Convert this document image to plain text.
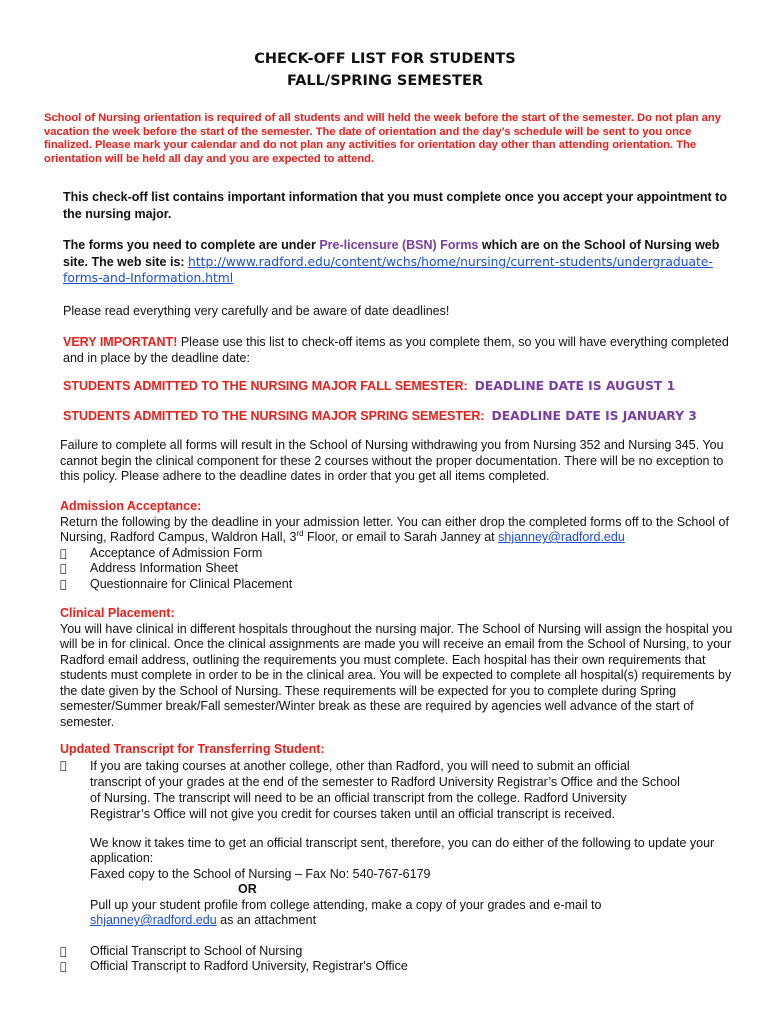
CHECK-OFF LIST FOR STUDENTS
FALL/SPRING SEMESTER
School of Nursing orientation is required of all students and will held the week before the start of the semester. Do not plan any vacation the week before the start of the semester. The date of orientation and the day’s schedule will be sent to you once finalized. Please mark your calendar and do not plan any activities for orientation day other than attending orientation. The orientation will be held all day and you are expected to attend.
This check-off list contains important information that you must complete once you accept your appointment to the nursing major.
The forms you need to complete are under Pre-licensure (BSN) Forms which are on the School of Nursing web site. The web site is: http://www.radford.edu/content/wchs/home/nursing/current-students/undergraduate-forms-and-Information.html
Please read everything very carefully and be aware of date deadlines!
VERY IMPORTANT! Please use this list to check-off items as you complete them, so you will have everything completed and in place by the deadline date:
STUDENTS ADMITTED TO THE NURSING MAJOR FALL SEMESTER: DEADLINE DATE IS AUGUST 1
STUDENTS ADMITTED TO THE NURSING MAJOR SPRING SEMESTER: DEADLINE DATE IS JANUARY 3
Failure to complete all forms will result in the School of Nursing withdrawing you from Nursing 352 and Nursing 345. You cannot begin the clinical component for these 2 courses without the proper documentation. There will be no exception to this policy. Please adhere to the deadline dates in order that you get all items completed.
Admission Acceptance:
Return the following by the deadline in your admission letter. You can either drop the completed forms off to the School of Nursing, Radford Campus, Waldron Hall, 3rd Floor, or email to Sarah Janney at shjanney@radford.edu
Acceptance of Admission Form
Address Information Sheet
Questionnaire for Clinical Placement
Clinical Placement:
You will have clinical in different hospitals throughout the nursing major. The School of Nursing will assign the hospital you will be in for clinical. Once the clinical assignments are made you will receive an email from the School of Nursing, to your Radford email address, outlining the requirements you must complete. Each hospital has their own requirements that students must complete in order to be in the clinical area. You will be expected to complete all hospital(s) requirements by the date given by the School of Nursing. These requirements will be expected for you to complete during Spring semester/Summer break/Fall semester/Winter break as these are required by agencies well advance of the start of semester.
Updated Transcript for Transferring Student:
If you are taking courses at another college, other than Radford, you will need to submit an official transcript of your grades at the end of the semester to Radford University Registrar’s Office and the School of Nursing. The transcript will need to be an official transcript from the college. Radford University Registrar’s Office will not give you credit for courses taken until an official transcript is received.
We know it takes time to get an official transcript sent, therefore, you can do either of the following to update your application:
Faxed copy to the School of Nursing – Fax No: 540-767-6179
OR
Pull up your student profile from college attending, make a copy of your grades and e-mail to
shjanney@radford.edu as an attachment
Official Transcript to School of Nursing
Official Transcript to Radford University, Registrar's Office
